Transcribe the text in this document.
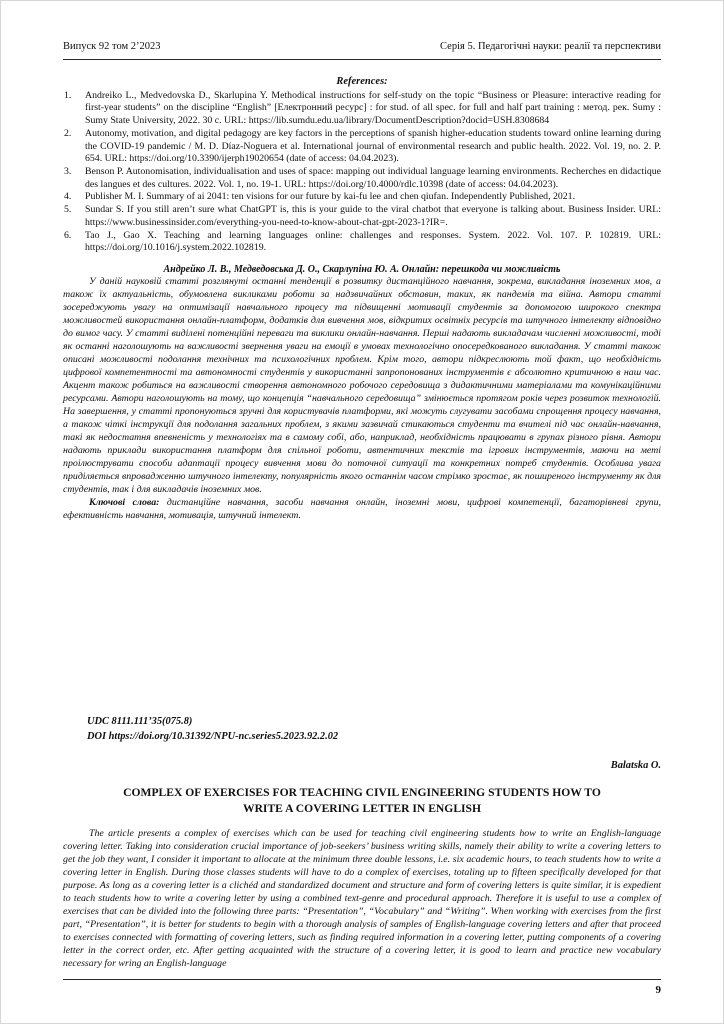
Випуск 92 том 2’2023	Серія 5. Педагогічні науки: реалії та перспективи
References:
1. Andreiko L., Medvedovska D., Skarlupina Y. Methodical instructions for self-study on the topic “Business or Pleasure: interactive reading for first-year students” on the discipline “English” [Електронний ресурс] : for stud. of all spec. for full and half part training : метод. рек. Sumy : Sumy State University, 2022. 30 с. URL: https://lib.sumdu.edu.ua/library/DocumentDescription?docid=USH.8308684
2. Autonomy, motivation, and digital pedagogy are key factors in the perceptions of spanish higher-education students toward online learning during the COVID-19 pandemic / M. D. Díaz-Noguera et al. International journal of environmental research and public health. 2022. Vol. 19, no. 2. P. 654. URL: https://doi.org/10.3390/ijerph19020654 (date of access: 04.04.2023).
3. Benson P. Autonomisation, individualisation and uses of space: mapping out individual language learning environments. Recherches en didactique des langues et des cultures. 2022. Vol. 1, no. 19-1. URL: https://doi.org/10.4000/rdlc.10398 (date of access: 04.04.2023).
4. Publisher M. I. Summary of ai 2041: ten visions for our future by kai-fu lee and chen qiufan. Independently Published, 2021.
5. Sundar S. If you still aren’t sure what ChatGPT is, this is your guide to the viral chatbot that everyone is talking about. Business Insider. URL: https://www.businessinsider.com/everything-you-need-to-know-about-chat-gpt-2023-1?IR=.
6. Tao J., Gao X. Teaching and learning languages online: challenges and responses. System. 2022. Vol. 107. P. 102819. URL: https://doi.org/10.1016/j.system.2022.102819.

Андрейко Л. В., Медведовська Д. О., Скарлупіна Ю. А. Онлайн: перешкода чи можливість

У даній науковій статті розглянуті останні тенденції в розвитку дистанційного навчання, зокрема, викладання іноземних мов, а також їх актуальність, обумовлена викликами роботи за надзвичайних обставин, таких, як пандемія та війна. Автори статті зосереджують увагу на оптимізації навчального процесу та підвищенні мотивації студентів за допомогою широкого спектра можливостей використання онлайн-платформ, додатків для вивчення мов, відкритих освітніх ресурсів та штучного інтелекту відповідно до вимог часу. У статті виділені потенційні переваги та виклики онлайн-навчання. Перші надають викладачам численні можливості, тоді як останні наголошують на важливості звернення уваги на емоції в умовах технологічно опосередкованого викладання. У статті також описані можливості подолання технічних та психологічних проблем. Крім того, автори підкреслюють той факт, що необхідність цифрової компетентності та автономності студентів у використанні запропонованих інструментів є абсолютно критичною в наш час. Акцент також робиться на важливості створення автономного робочого середовища з дидактичними матеріалами та комунікаційними ресурсами. Автори наголошують на тому, що концепція “навчального середовища” змінюється протягом років через розвиток технологій. На завершення, у статті пропонуються зручні для користувачів платформи, які можуть слугувати засобами спрощення процесу навчання, а також чіткі інструкції для подолання загальних проблем, з якими зазвичай стикаються студенти та вчителі під час онлайн-навчання, такі як недостатня впевненість у технологіях та в самому собі, або, наприклад, необхідність працювати в групах різного рівня. Автори надають приклади використання платформ для спільної роботи, автентичних текстів та ігрових інструментів, маючи на меті проілюструвати способи адаптації процесу вивчення мови до поточної ситуації та конкретних потреб студентів. Особлива увага приділяється впровадженню штучного інтелекту, популярність якого останнім часом стрімко зростає, як поширеного інструменту як для студентів, так і для викладачів іноземних мов.

Ключові слова: дистанційне навчання, засоби навчання онлайн, іноземні мови, цифрові компетенції, багаторівневі групи, ефективність навчання, мотивація, штучний інтелект.

UDC 8111.111’35(075.8)

DOI https://doi.org/10.31392/NPU-nc.series5.2023.92.2.02

Balatska O.

COMPLEX OF EXERCISES FOR TEACHING CIVIL ENGINEERING STUDENTS HOW TO WRITE A COVERING LETTER IN ENGLISH

The article presents a complex of exercises which can be used for teaching civil engineering students how to write an English-language covering letter. Taking into consideration crucial importance of job-seekers’ business writing skills, namely their ability to write a covering letters to get the job they want, I consider it important to allocate at the minimum three double lessons, i.e. six academic hours, to teach students how to write a covering letter in English. During those classes students will have to do a complex of exercises, totaling up to fifteen specifically developed for that purpose. As long as a covering letter is a clichéd and standardized document and structure and form of covering letters is quite similar, it is expedient to teach students how to write a covering letter by using a combined text-genre and procedural approach. Therefore it is useful to use a complex of exercises that can be divided into the following three parts: “Presentation”, “Vocabulary” and “Writing”. When working with exercises from the first part, “Presentation”, it is better for students to begin with a thorough analysis of samples of English-language covering letters and after that proceed to exercises connected with formatting of covering letters, such as finding required information in a covering letter, putting components of a covering letter in the correct order, etc. After getting acquainted with the structure of a covering letter, it is good to learn and practice new vocabulary necessary for wring an English-language

9
